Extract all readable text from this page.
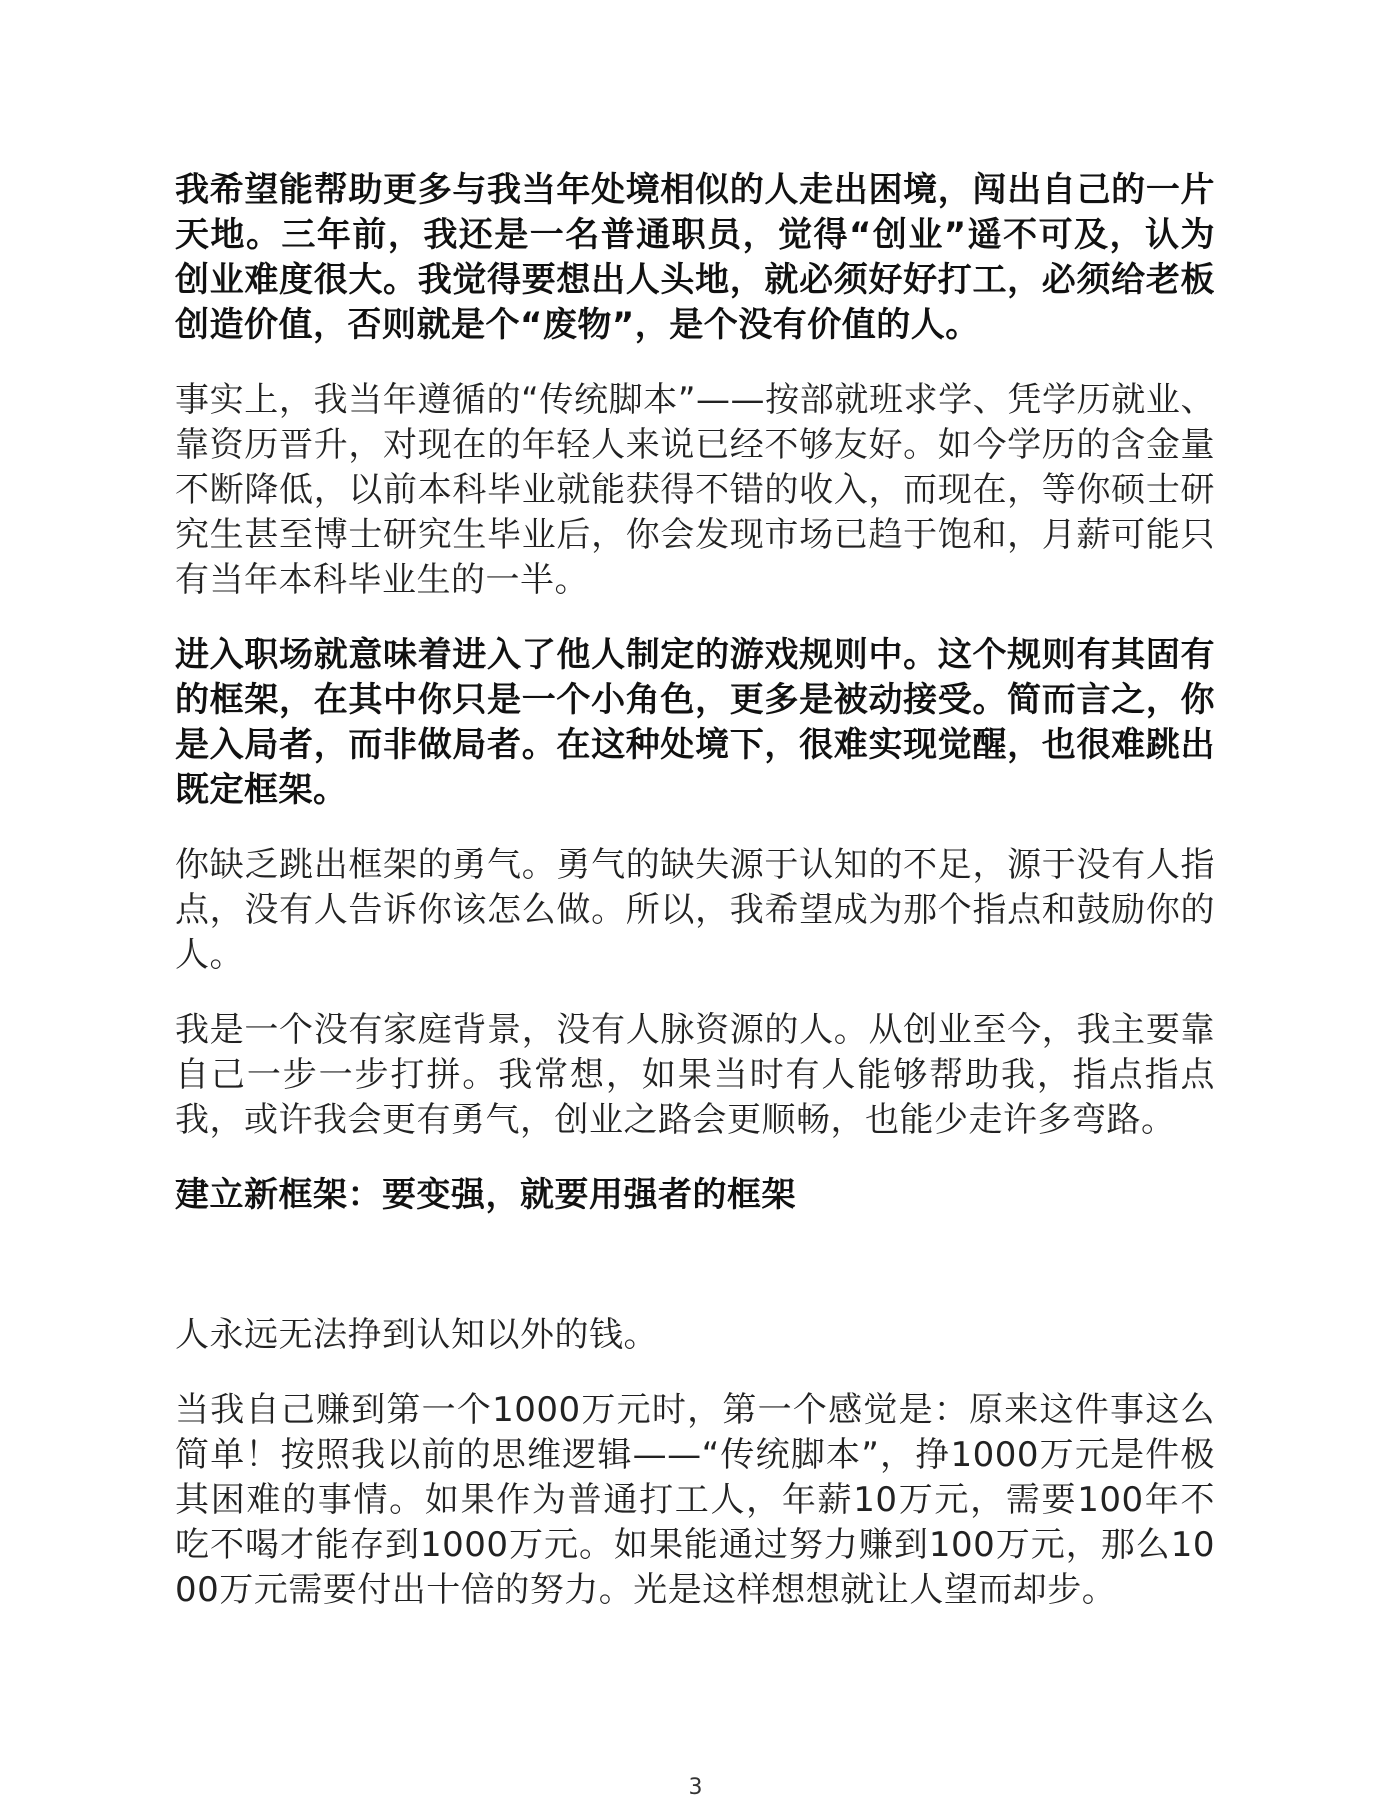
我希望能帮助更多与我当年处境相似的人走出困境，闯出自己的一片天地。三年前，我还是一名普通职员，觉得“创业”遥不可及，认为创业难度很大。我觉得要想出人头地，就必须好好打工，必须给老板创造价值，否则就是个“废物”，是个没有价值的人。

事实上，我当年遵循的“传统脚本”——按部就班求学、凭学历就业、靠资历晋升，对现在的年轻人来说已经不够友好。如今学历的含金量不断降低，以前本科毕业就能获得不错的收入，而现在，等你硕士研究生甚至博士研究生毕业后，你会发现市场已趋于饱和，月薪可能只有当年本科毕业生的一半。

进入职场就意味着进入了他人制定的游戏规则中。这个规则有其固有的框架，在其中你只是一个小角色，更多是被动接受。简而言之，你是入局者，而非做局者。在这种处境下，很难实现觉醒，也很难跳出既定框架。

你缺乏跳出框架的勇气。勇气的缺失源于认知的不足，源于没有人指点，没有人告诉你该怎么做。所以，我希望成为那个指点和鼓励你的人。

我是一个没有家庭背景，没有人脉资源的人。从创业至今，我主要靠自己一步一步打拼。我常想，如果当时有人能够帮助我，指点指点我，或许我会更有勇气，创业之路会更顺畅，也能少走许多弯路。

建立新框架：要变强，就要用强者的框架

人永远无法挣到认知以外的钱。

当我自己赚到第一个1000万元时，第一个感觉是：原来这件事这么简单！按照我以前的思维逻辑——“传统脚本”，挣1000万元是件极其困难的事情。如果作为普通打工人，年薪10万元，需要100年不吃不喝才能存到1000万元。如果能通过努力赚到100万元，那么1000万元需要付出十倍的努力。光是这样想想就让人望而却步。

3
